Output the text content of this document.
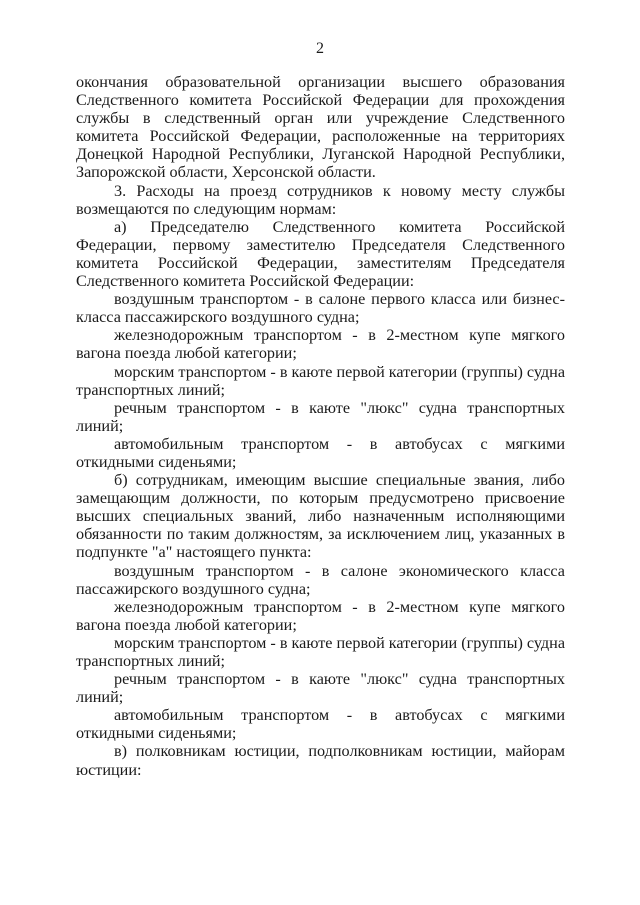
2

окончания образовательной организации высшего образования Следственного комитета Российской Федерации для прохождения службы в следственный орган или учреждение Следственного комитета Российской Федерации, расположенные на территориях Донецкой Народной Республики, Луганской Народной Республики, Запорожской области, Херсонской области.

3. Расходы на проезд сотрудников к новому месту службы возмещаются по следующим нормам:

а) Председателю Следственного комитета Российской Федерации, первому заместителю Председателя Следственного комитета Российской Федерации, заместителям Председателя Следственного комитета Российской Федерации:

воздушным транспортом - в салоне первого класса или бизнес-класса пассажирского воздушного судна;

железнодорожным транспортом - в 2-местном купе мягкого вагона поезда любой категории;

морским транспортом - в каюте первой категории (группы) судна транспортных линий;

речным транспортом - в каюте "люкс" судна транспортных линий;

автомобильным транспортом - в автобусах с мягкими откидными сиденьями;

б) сотрудникам, имеющим высшие специальные звания, либо замещающим должности, по которым предусмотрено присвоение высших специальных званий, либо назначенным исполняющими обязанности по таким должностям, за исключением лиц, указанных в подпункте "а" настоящего пункта:

воздушным транспортом - в салоне экономического класса пассажирского воздушного судна;

железнодорожным транспортом - в 2-местном купе мягкого вагона поезда любой категории;

морским транспортом - в каюте первой категории (группы) судна транспортных линий;

речным транспортом - в каюте "люкс" судна транспортных линий;

автомобильным транспортом - в автобусах с мягкими откидными сиденьями;

в) полковникам юстиции, подполковникам юстиции, майорам юстиции:
